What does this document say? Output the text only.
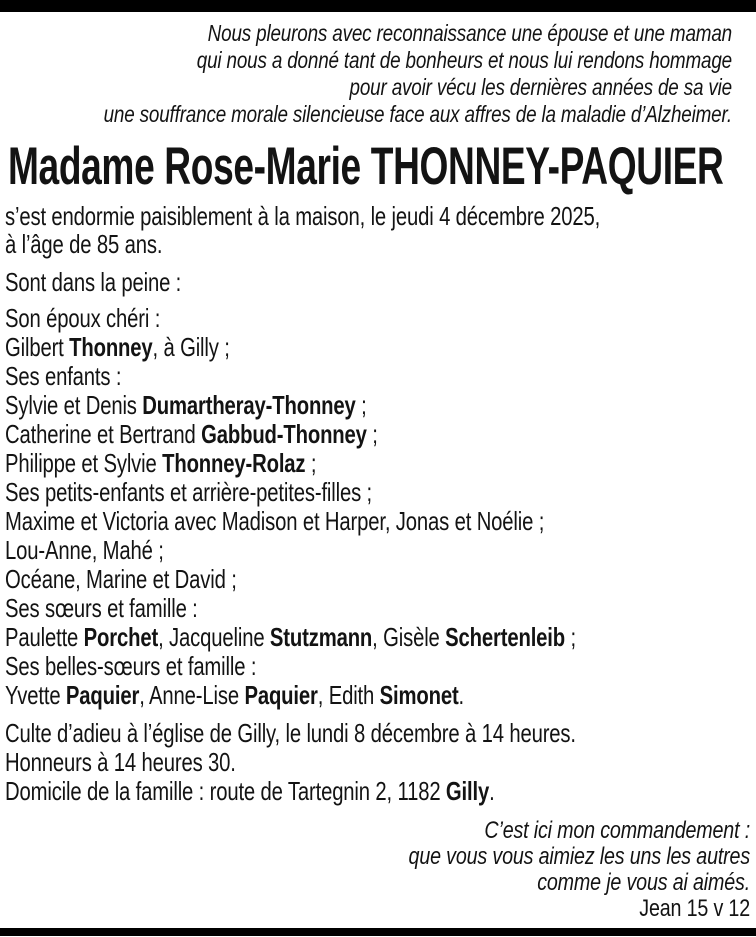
Nous pleurons avec reconnaissance une épouse et une maman
qui nous a donné tant de bonheurs et nous lui rendons hommage
pour avoir vécu les dernières années de sa vie
une souffrance morale silencieuse face aux affres de la maladie d’Alzheimer.
Madame Rose-Marie THONNEY-PAQUIER
s’est endormie paisiblement à la maison, le jeudi 4 décembre 2025,
à l’âge de 85 ans.
Sont dans la peine :
Son époux chéri :
Gilbert Thonney, à Gilly ;
Ses enfants :
Sylvie et Denis Dumartheray-Thonney ;
Catherine et Bertrand Gabbud-Thonney ;
Philippe et Sylvie Thonney-Rolaz ;
Ses petits-enfants et arrière-petites-filles ;
Maxime et Victoria avec Madison et Harper, Jonas et Noélie ;
Lou-Anne, Mahé ;
Océane, Marine et David ;
Ses sœurs et famille :
Paulette Porchet, Jacqueline Stutzmann, Gisèle Schertenleib ;
Ses belles-sœurs et famille :
Yvette Paquier, Anne-Lise Paquier, Edith Simonet.
Culte d’adieu à l’église de Gilly, le lundi 8 décembre à 14 heures.
Honneurs à 14 heures 30.
Domicile de la famille : route de Tartegnin 2, 1182 Gilly.
C’est ici mon commandement :
que vous vous aimiez les uns les autres
comme je vous ai aimés.
Jean 15 v 12
